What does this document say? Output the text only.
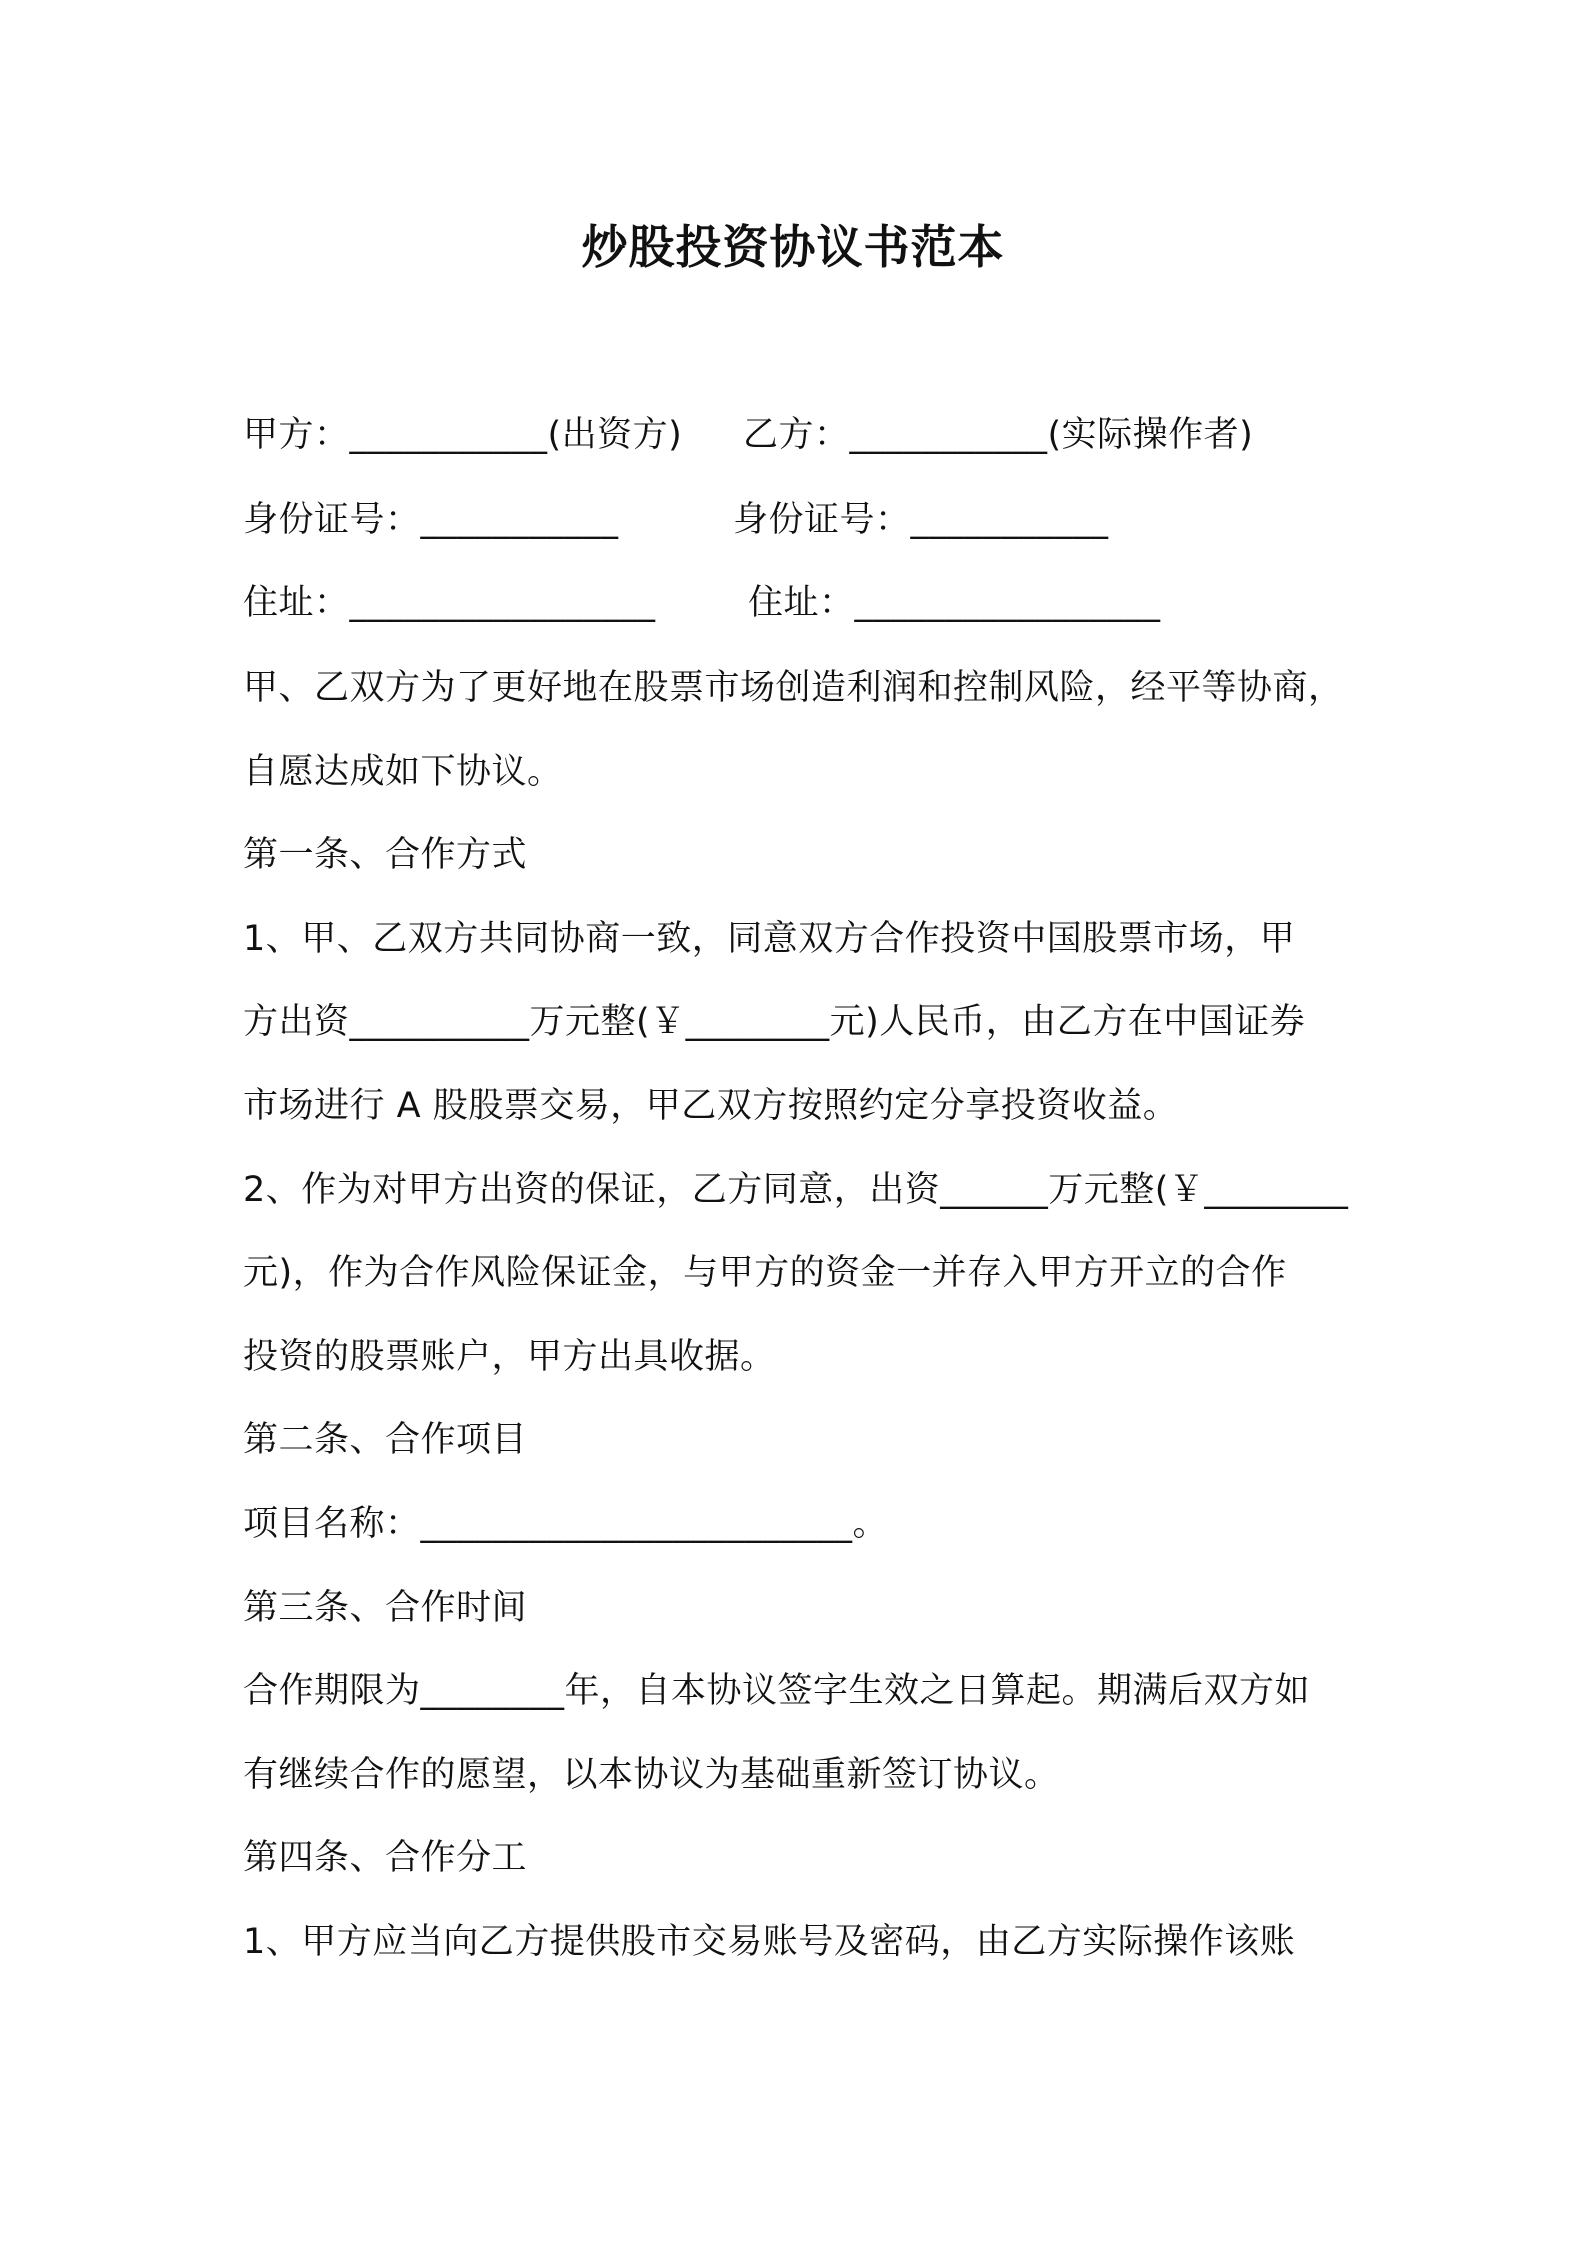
炒股投资协议书范本
甲方：___________(出资方) 乙方：___________(实际操作者)
身份证号：___________	身份证号：___________
住址：_________________	住址：_________________
甲、乙双方为了更好地在股票市场创造利润和控制风险，经平等协商，
自愿达成如下协议。
第一条、合作方式
1、甲、乙双方共同协商一致，同意双方合作投资中国股票市场，甲
方出资__________万元整(￥________元)人民币，由乙方在中国证券
市场进行 A 股股票交易，甲乙双方按照约定分享投资收益。
2、作为对甲方出资的保证，乙方同意，出资______万元整(￥________
元)，作为合作风险保证金，与甲方的资金一并存入甲方开立的合作
投资的股票账户，甲方出具收据。
第二条、合作项目
项目名称：________________________。
第三条、合作时间
合作期限为________年，自本协议签字生效之日算起。期满后双方如
有继续合作的愿望，以本协议为基础重新签订协议。
第四条、合作分工
1、甲方应当向乙方提供股市交易账号及密码，由乙方实际操作该账
